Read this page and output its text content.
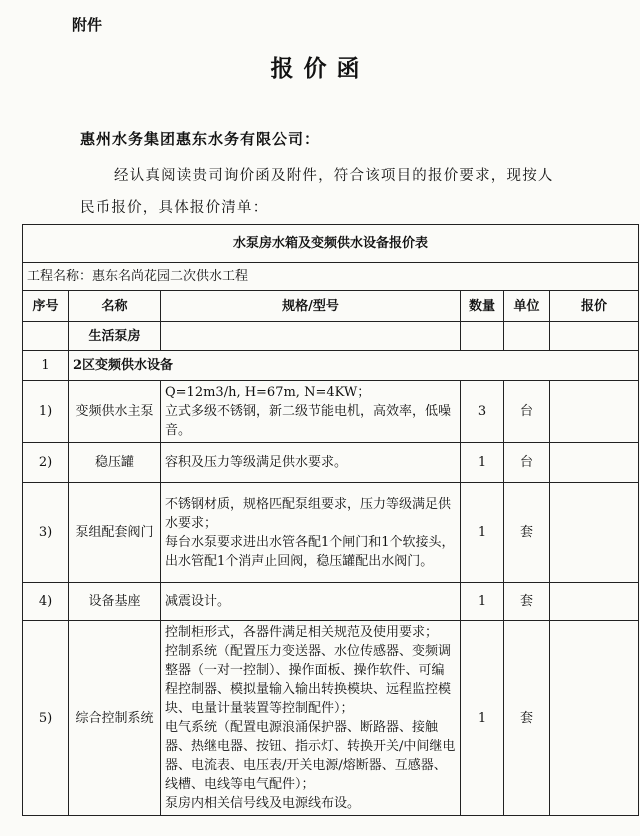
附件
报价函
惠州水务集团惠东水务有限公司：
经认真阅读贵司询价函及附件，符合该项目的报价要求，现按人
民币报价，具体报价清单：
水泵房水箱及变频供水设备报价表					
工程名称：惠东名尚花园二次供水工程					
序号	名称	规格/型号	数量	单位	报价
	生活泵房				
1	2区变频供水设备				
1)	变频供水主泵	Q=12m3/h, H=67m, N=4KW；
立式多级不锈钢，新二级节能电机，高效率，低噪音。	3	台	
2)	稳压罐	容积及压力等级满足供水要求。	1	台	
3)	泵组配套阀门	不锈钢材质，规格匹配泵组要求，压力等级满足供水要求；
每台水泵要求进出水管各配1个闸门和1个软接头，出水管配1个消声止回阀，稳压罐配出水阀门。	1	套	
4)	设备基座	减震设计。	1	套	
5)	综合控制系统	控制柜形式，各器件满足相关规范及使用要求；
控制系统（配置压力变送器、水位传感器、变频调整器（一对一控制）、操作面板、操作软件、可编程控制器、模拟量输入输出转换模块、远程监控模块、电量计量装置等控制配件）；
电气系统（配置电源浪涌保护器、断路器、接触器、热继电器、按钮、指示灯、转换开关/中间继电器、电流表、电压表/开关电源/熔断器、互感器、线槽、电线等电气配件）；
泵房内相关信号线及电源线布设。	1	套	
